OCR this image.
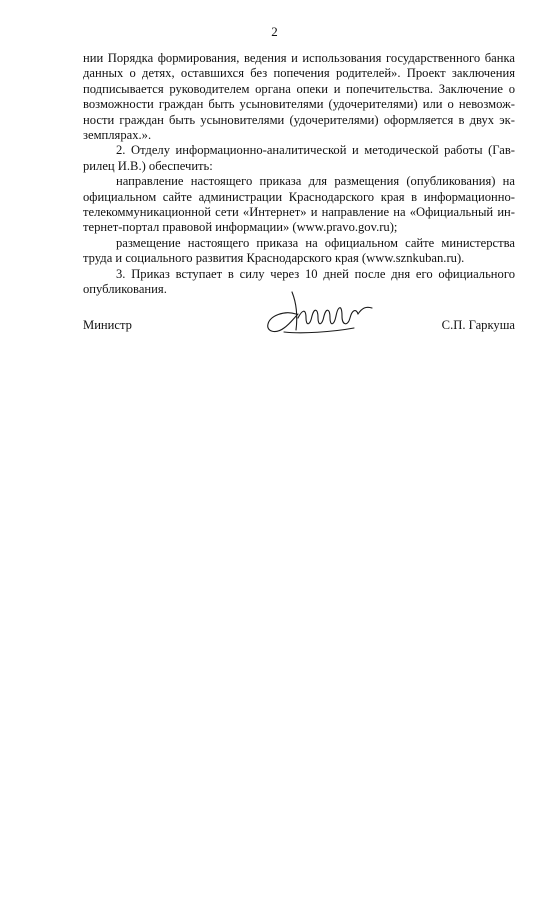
2

нии Порядка формирования, ведения и использования государственного банка
данных о детях, оставшихся без попечения родителей». Проект заключения
подписывается руководителем органа опеки и попечительства. Заключение о
возможности граждан быть усыновителями (удочерителями) или о невозмож-
ности граждан быть усыновителями (удочерителями) оформляется в двух эк-
земплярах.».

2. Отделу информационно-аналитической и методической работы (Гав-
рилец И.В.) обеспечить:

направление настоящего приказа для размещения (опубликования) на
официальном сайте администрации Краснодарского края в информационно-
телекоммуникационной сети «Интернет» и направление на «Официальный ин-
тернет-портал правовой информации» (www.pravo.gov.ru);

размещение настоящего приказа на официальном сайте министерства
труда и социального развития Краснодарского края (www.sznkuban.ru).

3. Приказ вступает в силу через 10 дней после дня его официального
опубликования.

Министр	С.П. Гаркуша
